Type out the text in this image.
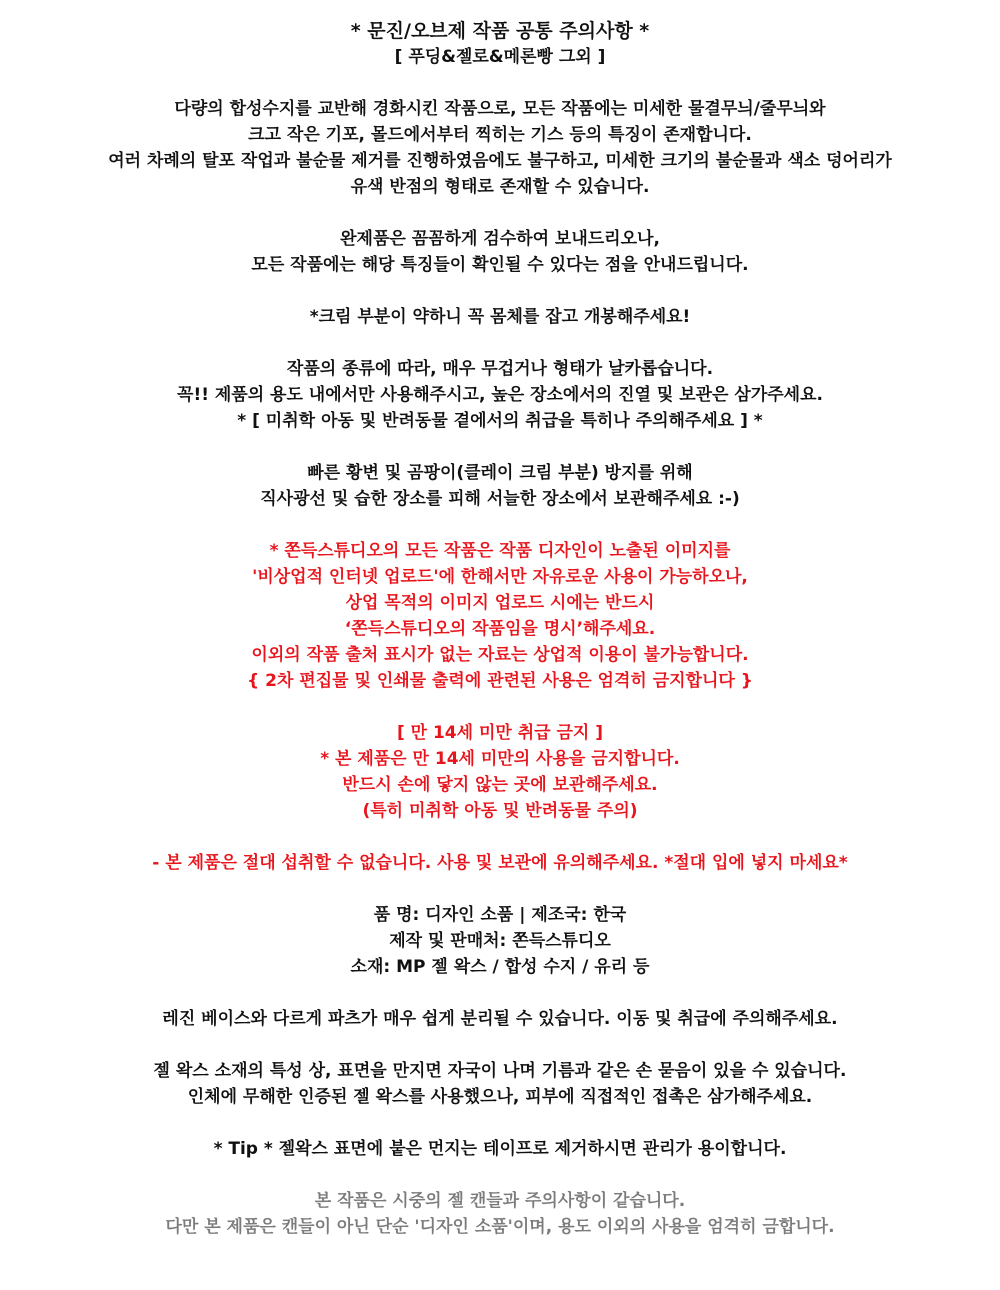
* 문진/오브제 작품 공통 주의사항 *
[ 푸딩&젤로&메론빵 그외 ]
다량의 합성수지를 교반해 경화시킨 작품으로, 모든 작품에는 미세한 물결무늬/줄무늬와
크고 작은 기포, 몰드에서부터 찍히는 기스 등의 특징이 존재합니다.
여러 차례의 탈포 작업과 불순물 제거를 진행하였음에도 불구하고, 미세한 크기의 불순물과 색소 덩어리가
유색 반점의 형태로 존재할 수 있습니다.
완제품은 꼼꼼하게 검수하여 보내드리오나,
모든 작품에는 해당 특징들이 확인될 수 있다는 점을 안내드립니다.
*크림 부분이 약하니 꼭 몸체를 잡고 개봉해주세요!
작품의 종류에 따라, 매우 무겁거나 형태가 날카롭습니다.
꼭!! 제품의 용도 내에서만 사용해주시고, 높은 장소에서의 진열 및 보관은 삼가주세요.
* [ 미취학 아동 및 반려동물 곁에서의 취급을 특히나 주의해주세요 ] *
빠른 황변 및 곰팡이(클레이 크림 부분) 방지를 위해
직사광선 및 습한 장소를 피해 서늘한 장소에서 보관해주세요 :-)
* 쫀득스튜디오의 모든 작품은 작품 디자인이 노출된 이미지를
'비상업적 인터넷 업로드'에 한해서만 자유로운 사용이 가능하오나,
상업 목적의 이미지 업로드 시에는 반드시
‘쫀득스튜디오의 작품임을 명시’해주세요.
이외의 작품 출처 표시가 없는 자료는 상업적 이용이 불가능합니다.
{ 2차 편집물 및 인쇄물 출력에 관련된 사용은 엄격히 금지합니다 }
[ 만 14세 미만 취급 금지 ]
* 본 제품은 만 14세 미만의 사용을 금지합니다.
반드시 손에 닿지 않는 곳에 보관해주세요.
(특히 미취학 아동 및 반려동물 주의)
- 본 제품은 절대 섭취할 수 없습니다. 사용 및 보관에 유의해주세요. *절대 입에 넣지 마세요*
품 명: 디자인 소품 | 제조국: 한국
제작 및 판매처: 쫀득스튜디오
소재: MP 젤 왁스 / 합성 수지 / 유리 등
레진 베이스와 다르게 파츠가 매우 쉽게 분리될 수 있습니다. 이동 및 취급에 주의해주세요.
젤 왁스 소재의 특성 상, 표면을 만지면 자국이 나며 기름과 같은 손 묻음이 있을 수 있습니다.
인체에 무해한 인증된 젤 왁스를 사용했으나, 피부에 직접적인 접촉은 삼가해주세요.
* Tip * 젤왁스 표면에 붙은 먼지는 테이프로 제거하시면 관리가 용이합니다.
본 작품은 시중의 젤 캔들과 주의사항이 같습니다.
다만 본 제품은 캔들이 아닌 단순 '디자인 소품'이며, 용도 이외의 사용을 엄격히 금합니다.
